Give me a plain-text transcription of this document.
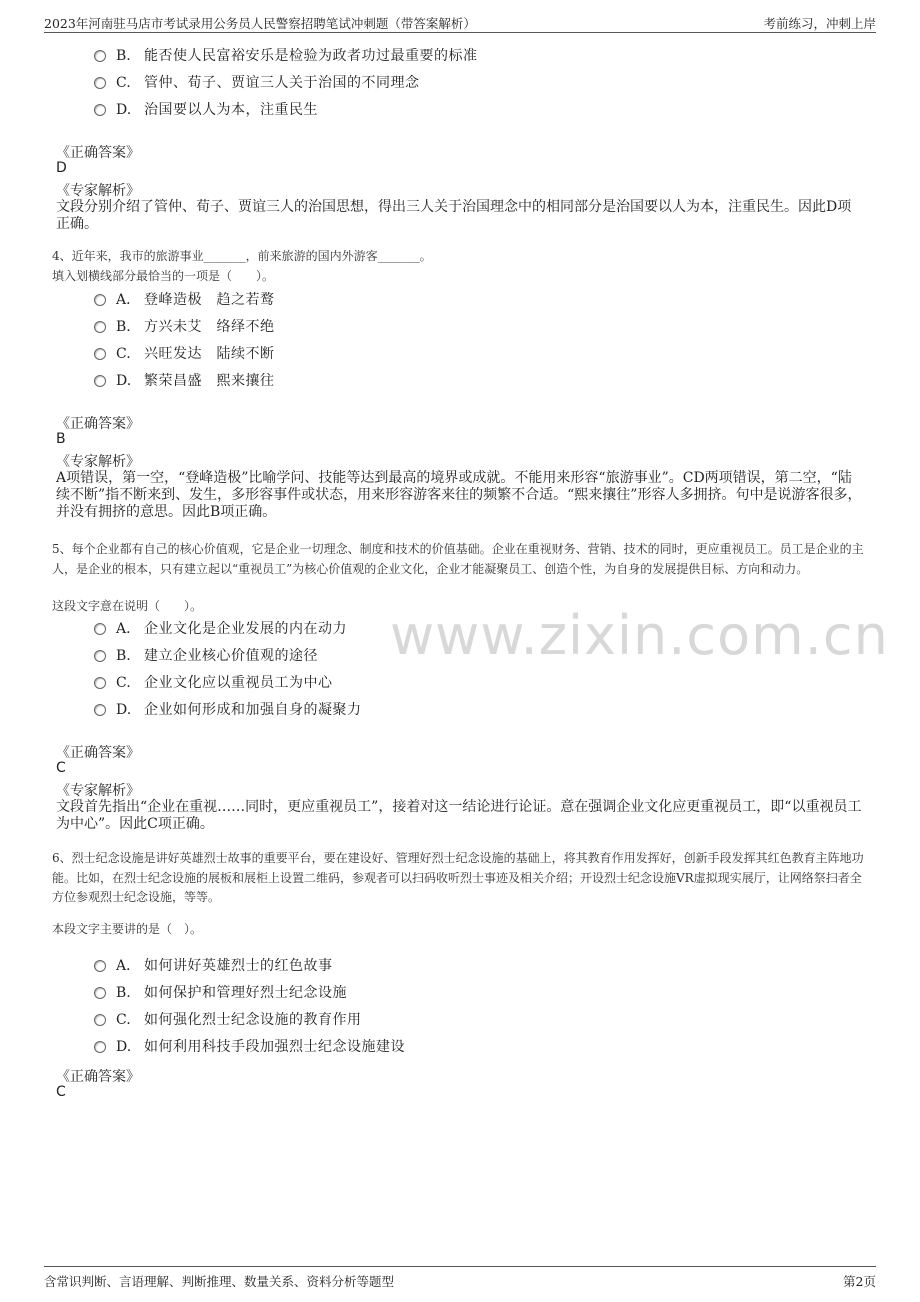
2023年河南驻马店市考试录用公务员人民警察招聘笔试冲刺题（带答案解析）	考前练习，冲刺上岸
www.zixin.com.cn
B. 能否使人民富裕安乐是检验为政者功过最重要的标准
C. 管仲、荀子、贾谊三人关于治国的不同理念
D. 治国要以人为本，注重民生
《正确答案》
D
《专家解析》
文段分别介绍了管仲、荀子、贾谊三人的治国思想，得出三人关于治国理念中的相同部分是治国要以人为本，注重民生。因此D项正确。
4、近年来，我市的旅游事业_______，前来旅游的国内外游客_______。
填入划横线部分最恰当的一项是（　　）。
A． 登峰造极　趋之若鹜
B. 方兴未艾　络绎不绝
C. 兴旺发达　陆续不断
D. 繁荣昌盛　熙来攘往
《正确答案》
B
《专家解析》
A项错误，第一空，“登峰造极”比喻学问、技能等达到最高的境界或成就。不能用来形容“旅游事业”。CD两项错误，第二空，“陆续不断”指不断来到、发生，多形容事件或状态，用来形容游客来往的频繁不合适。“熙来攘往”形容人多拥挤。句中是说游客很多，并没有拥挤的意思。因此B项正确。
5、每个企业都有自己的核心价值观，它是企业一切理念、制度和技术的价值基础。企业在重视财务、营销、技术的同时，更应重视员工。员工是企业的主人，是企业的根本，只有建立起以“重视员工”为核心价值观的企业文化，企业才能凝聚员工、创造个性，为自身的发展提供目标、方向和动力。
这段文字意在说明（　　）。
A． 企业文化是企业发展的内在动力
B. 建立企业核心价值观的途径
C. 企业文化应以重视员工为中心
D. 企业如何形成和加强自身的凝聚力
《正确答案》
C
《专家解析》
文段首先指出“企业在重视……同时，更应重视员工”，接着对这一结论进行论证。意在强调企业文化应更重视员工，即“以重视员工为中心”。因此C项正确。
6、烈士纪念设施是讲好英雄烈士故事的重要平台，要在建设好、管理好烈士纪念设施的基础上，将其教育作用发挥好，创新手段发挥其红色教育主阵地功能。比如，在烈士纪念设施的展板和展柜上设置二维码，参观者可以扫码收听烈士事迹及相关介绍；开设烈士纪念设施VR虚拟现实展厅，让网络祭扫者全方位参观烈士纪念设施，等等。
本段文字主要讲的是（　）。
A． 如何讲好英雄烈士的红色故事
B. 如何保护和管理好烈士纪念设施
C. 如何强化烈士纪念设施的教育作用
D. 如何利用科技手段加强烈士纪念设施建设
《正确答案》
C
含常识判断、言语理解、判断推理、数量关系、资料分析等题型	第2页
